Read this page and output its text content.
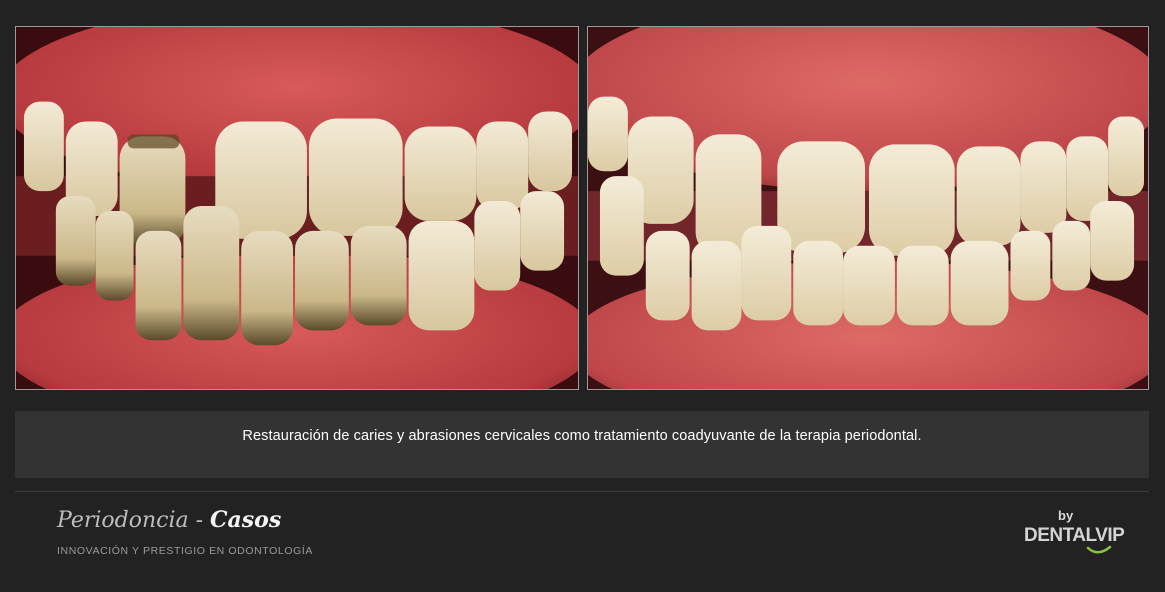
Restauración de caries y abrasiones cervicales como tratamiento coadyuvante de la terapia periodontal.
Periodoncia - Casos
INNOVACIÓN Y PRESTIGIO EN ODONTOLOGÍA
by
DENTALVIP
